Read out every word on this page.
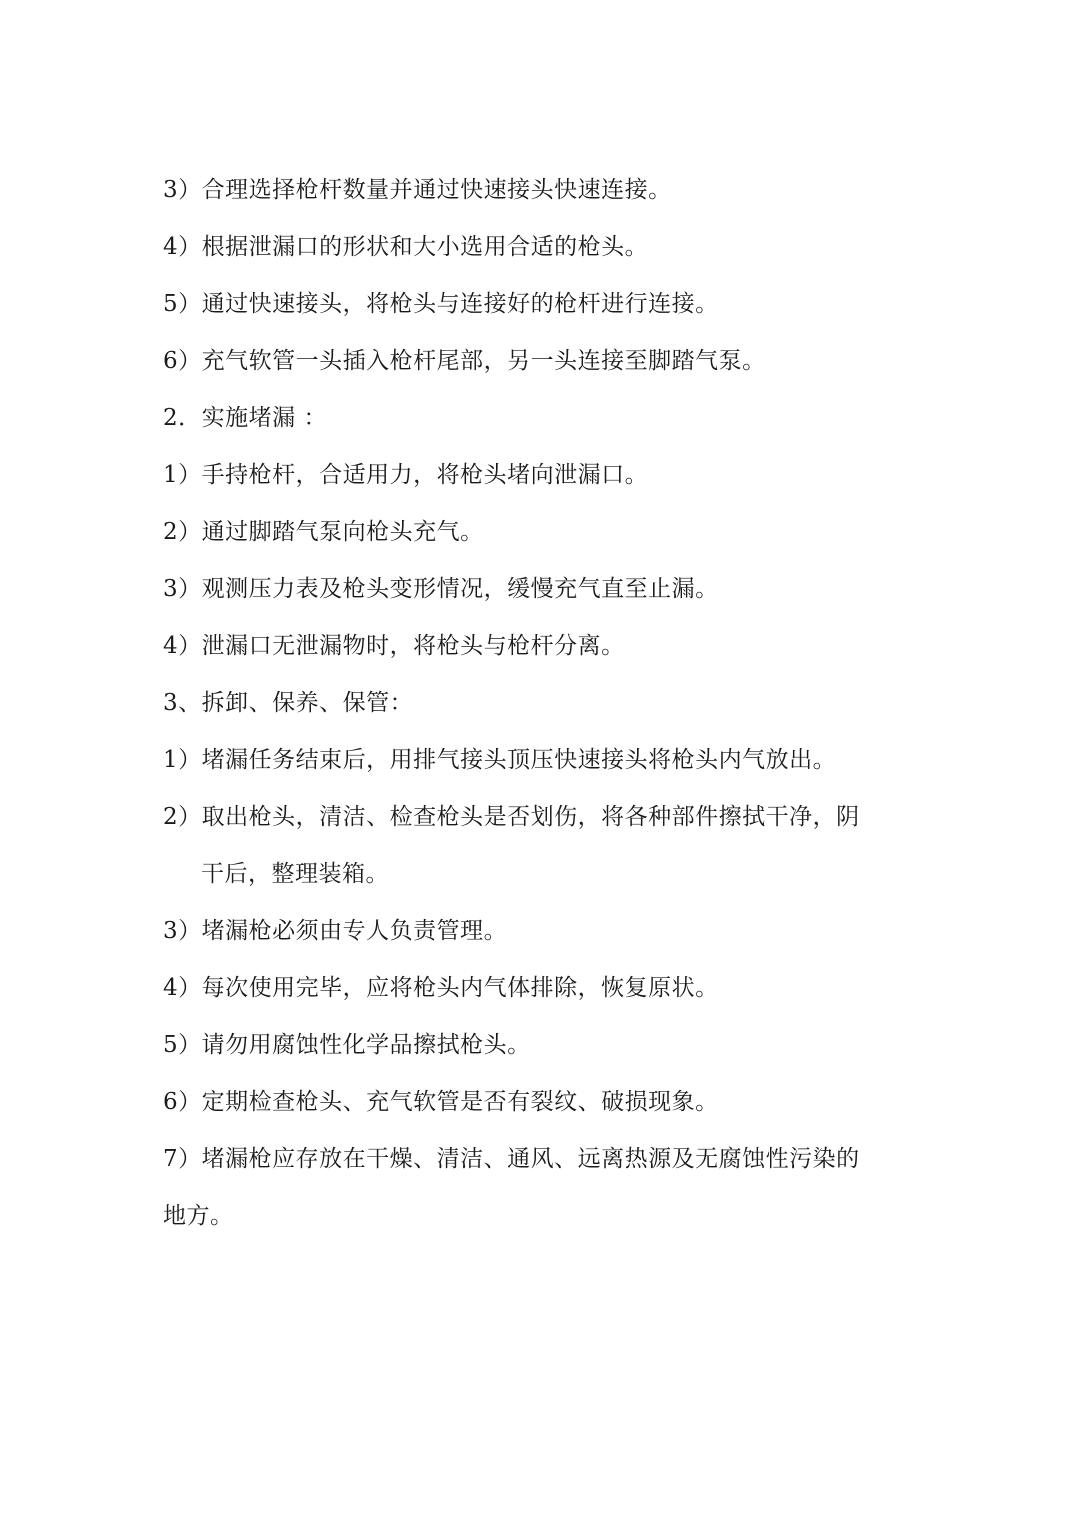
3）合理选择枪杆数量并通过快速接头快速连接。
4）根据泄漏口的形状和大小选用合适的枪头。
5）通过快速接头，将枪头与连接好的枪杆进行连接。
6）充气软管一头插入枪杆尾部，另一头连接至脚踏气泵。
2．实施堵漏 ：
1）手持枪杆，合适用力，将枪头堵向泄漏口。
2）通过脚踏气泵向枪头充气。
3）观测压力表及枪头变形情况，缓慢充气直至止漏。
4）泄漏口无泄漏物时，将枪头与枪杆分离。
3、拆卸、保养、保管：
1）堵漏任务结束后，用排气接头顶压快速接头将枪头内气放出。
2）取出枪头，清洁、检查枪头是否划伤，将各种部件擦拭干净，阴
干后，整理装箱。
3）堵漏枪必须由专人负责管理。
4）每次使用完毕，应将枪头内气体排除，恢复原状。
5）请勿用腐蚀性化学品擦拭枪头。
6）定期检查枪头、充气软管是否有裂纹、破损现象。
7）堵漏枪应存放在干燥、清洁、通风、远离热源及无腐蚀性污染的
地方。
